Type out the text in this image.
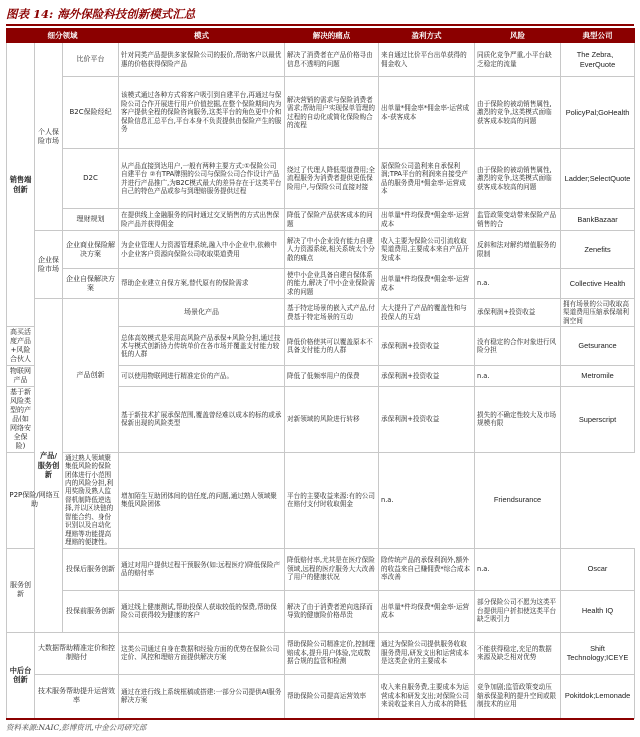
图表 14: 海外保险科技创新模式汇总
细分领域			模式	解决的痛点	盈利方式	风险	典型公司	
销售端创新	个人保险市场	比价平台	针对同类产品提供多家保险公司的报价,帮助客户以最优惠的价格获得保险产品	解决了消费者在产品价格寻由信息不透明的问题	来自通过比价平台出单获得的佣金收入	同质化竞争严重,小平台缺乏稳定的流量	The Zebra、EverQuote	
		B2C保险经纪	该模式通过各种方式将客户吸引到自建平台,再通过与保险公司合作开展进行用户价值挖掘,在整个保险期间内为客户提供全程的保险咨询服务,这类平台的角色更中介和保险信息汇总平台,平台本身不负责提供由保险产生的服务	解决营销的需求与保险消费者需求;帮助用户实现保单管理的过程的自动化或简化保险购合的流程	出单量*佣金率*佣金率-运营成本-获客成本	由于保险的被动销售属性,激烈的竞争,这类模式面临获客成本较高的问题	PolicyPal;GoHealth	
		D2C	从产品直接到达用户,一般有两种主要方式:①保险公司自建平台 ②有TPA牌照的公司与保险公司合作设计产品并进行产品推广,为B2C模式最大的差异存在于这类平台自己的特色产品或参与到理赔服务提供过程	绕过了代理人降低渠道费用;全流程服务为消费者提供更低保险用户,与保险公司直接对接	原保险公司盈利来自承保利润;TPA平台的利润来自接受产品的服务费用*佣金率-运营成本	由于保险的被动销售属性,激烈的竞争,这类模式面临获客成本较高的问题	Ladder;SelectQuote	
		理财规划	在提供线上金融服务的同时通过交叉销售的方式出售保险产品并获得佣金	降低了保险产品获客成本的问题	出单量*件均保费*佣金率-运营成本	监管政策变动带来保险产品销售的合	BankBazaar	
	企业保险市场	企业商业保险解决方案	为企业管理人力资源管理系统,融入中小企业中,依赖中小企业客户资源向保险公司收取渠道费用	解决了中小企业没有能力自建人力资源系统,相关系统太个分散的痛点	收入主要为保险公司引流收取渠道费用,主要成本来自产品开发成本	反斜和法对解约增值服务的限制	Zenefits	
		企业自保解决方案	帮助企业建立自保方案,替代原有的保险需求	使中小企业具备自建自保体系的能力,解决了中小企业保险需求的问题	出单量*件均保费*佣金率-运营成本	n.a.	Collective Health	
	产品/服务创新	产品创新	场景化产品	基于特定场景的嵌入式产品,付费基于特定场景的互动	大大提升了产品的覆盖性和与投保人的互动	承保利润+投资收益	拥有场景的公司收取高渠道费用压缩承保端利润空间	
高买活度产品+风险合伙人			总体高效模式是采用高风险产品承保+风险分担,通过技术与模式创新协力传统单价在各市场并覆盖支付能力较低的人群	降低价格使其可以覆盖原本不具备支付能力的人群	承保利润+投资收益	没有稳定的合作对象进行风险分担	Getsurance	
物联网产品			可以使用物联网进行精准定价的产品。	降低了低频率用户的保费	承保利润+投资收益	n.a.	Metromile	
基于新风险类型的产品(如网络安全保险)			基于新技术扩展承保范围,覆盖曾经难以成本的标的或承保新出现的风险类型	对新领域的风险进行转移	承保利润+投资收益	损失的不确定性较大及市场规模有限	Superscript	
P2P保险/网络互助		通过熟人领域聚集低风险的保险团体进行小范围内的风险分担,利用奖励及熟人监督机制降低逆选择,并以区块链的智能合约、身份识别以及自动化理赔等功能提高理赔的便捷性。	增加陌生互助团体间的信任度,的问题,通过熟人领域聚集低风险团体	平台的主要收益来源:有的公司在赔付支付时收取佣金	n.a.	Friendsurance		
服务创新		投保后服务创新	通过对用户提供过程干预服务(如:远程医疗)降低保险产品的赔付率	降低赔付率,尤其是在医疗保险领域,远程的医疗服务大大改善了用户的健康状况	除传统产品的承保利润外,额外的收益来自己赚佣费*综合成本率改善	n.a.	Oscar	
		投保前服务创新	通过线上健康测试,帮助投保人获取较低的保费,帮助保险公司获得较为健康的客户	解决了由于消费者逆向选择而导致的健康险价格昂贵	出单量*件均保费*佣金率-运营成本	部分保险公司不愿为这类平台提供用户折扣使这类平台缺乏吸引力	Health IQ	
中后台创新	大数据帮助精准定价和控制赔付		这类公司通过自身在数据和经验方面的优势在保险公司定价、风控和理赔方面提供解决方案	帮助保险公司精准定价,控制理赔成本,提升用户体验,完成数据合规的监管和检测	通过为保险公司提供服务收取服务费用,研发支出和运营成本是这类企业的主要成本	不能获得稳定,充足的数据来源及缺乏相对优势	Shift Technology;ICEYE	
	技术服务帮助提升运营效率		通过在进行线上系统框稿或搭建:一部分公司提供AI服务解决方案	帮助保险公司提高运营效率	收入来自服务费,主要成本为运营成本和研发支出;对保险公司来说收益来自人力成本的降低	竞争加剧;监管政策变动压缩承保盈利的提升空间或限制技术的应用	Pokitdok;Lemonade	
资料来源:NAIC,彭博资讯,中金公司研究部
